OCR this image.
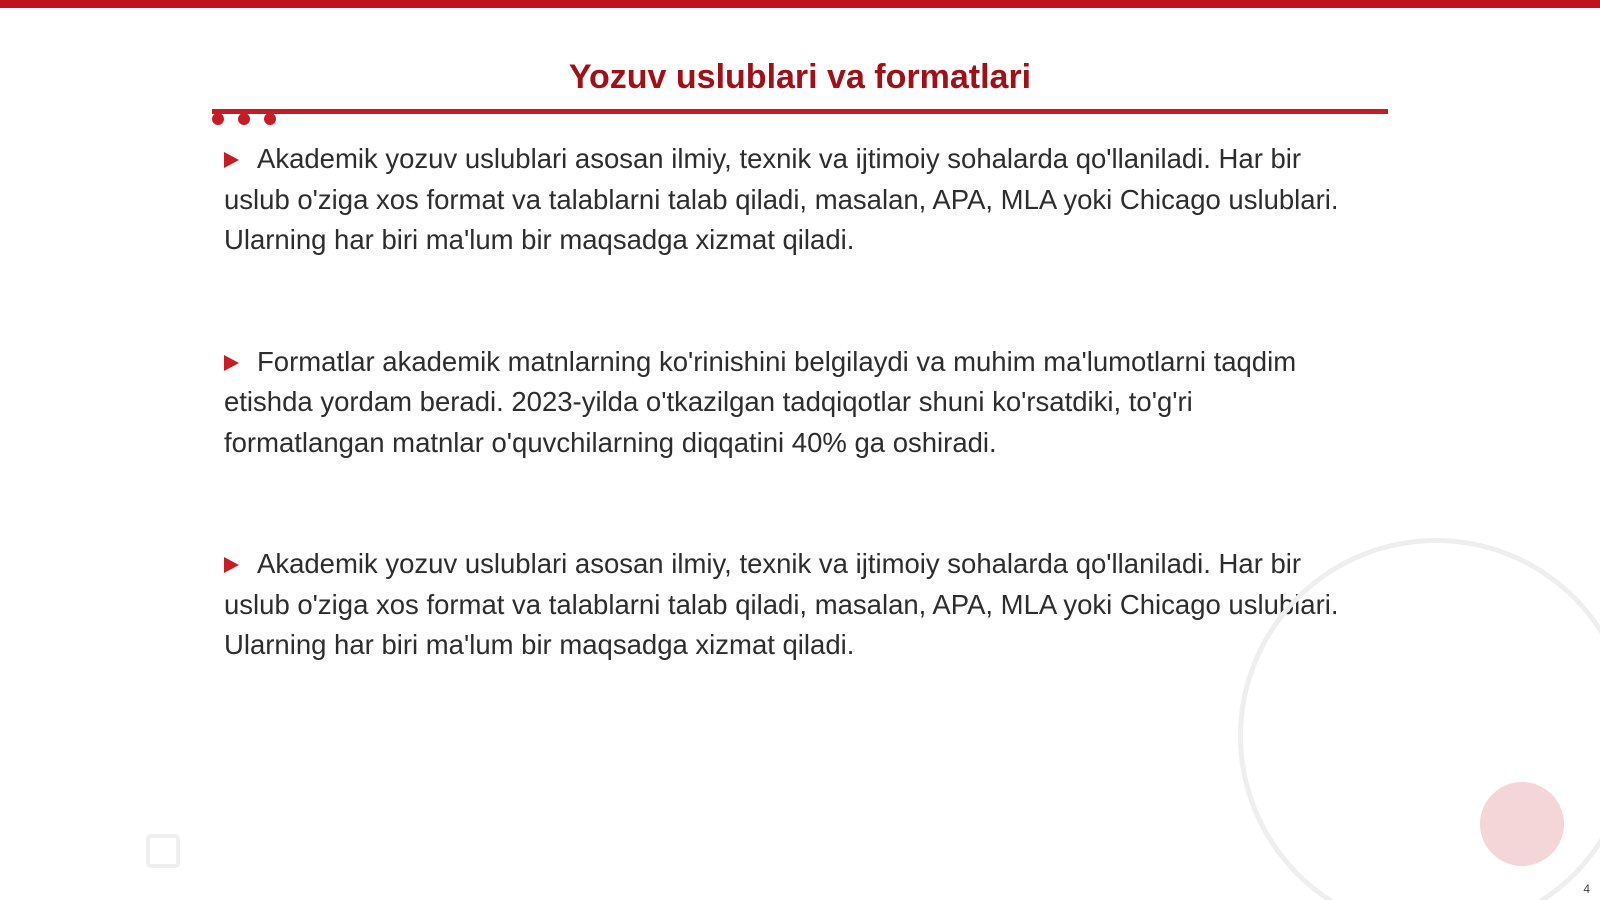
Yozuv uslublari va formatlari

Akademik yozuv uslublari asosan ilmiy, texnik va ijtimoiy sohalarda qo'llaniladi. Har bir uslub o'ziga xos format va talablarni talab qiladi, masalan, APA, MLA yoki Chicago uslublari. Ularning har biri ma'lum bir maqsadga xizmat qiladi.

Formatlar akademik matnlarning ko'rinishini belgilaydi va muhim ma'lumotlarni taqdim etishda yordam beradi. 2023-yilda o'tkazilgan tadqiqotlar shuni ko'rsatdiki, to'g'ri formatlangan matnlar o'quvchilarning diqqatini 40% ga oshiradi.

Akademik yozuv uslublari asosan ilmiy, texnik va ijtimoiy sohalarda qo'llaniladi. Har bir uslub o'ziga xos format va talablarni talab qiladi, masalan, APA, MLA yoki Chicago uslublari. Ularning har biri ma'lum bir maqsadga xizmat qiladi.

4
